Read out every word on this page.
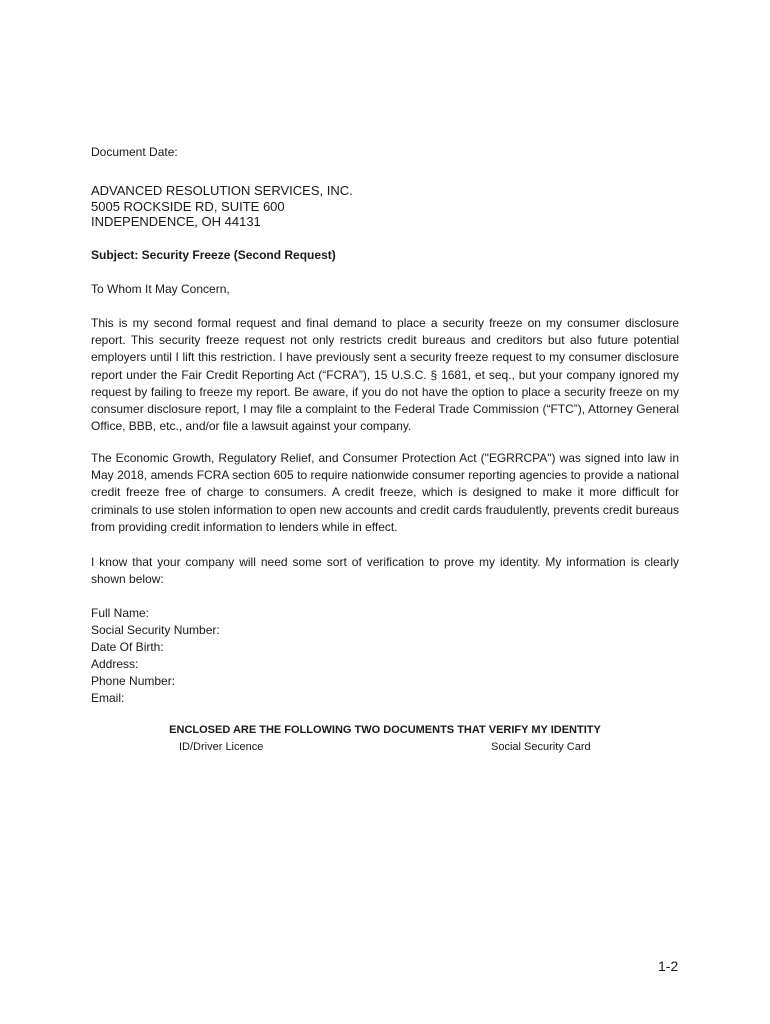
Document Date:
ADVANCED RESOLUTION SERVICES, INC.
5005 ROCKSIDE RD, SUITE 600
INDEPENDENCE, OH 44131
Subject: Security Freeze (Second Request)
To Whom It May Concern,
This is my second formal request and final demand to place a security freeze on my consumer disclosure report. This security freeze request not only restricts credit bureaus and creditors but also future potential employers until I lift this restriction. I have previously sent a security freeze request to my consumer disclosure report under the Fair Credit Reporting Act (“FCRA”), 15 U.S.C. § 1681, et seq., but your company ignored my request by failing to freeze my report. Be aware, if you do not have the option to place a security freeze on my consumer disclosure report, I may file a complaint to the Federal Trade Commission (“FTC”), Attorney General Office, BBB, etc., and/or file a lawsuit against your company.
The Economic Growth, Regulatory Relief, and Consumer Protection Act ("EGRRCPA") was signed into law in May 2018, amends FCRA section 605 to require nationwide consumer reporting agencies to provide a national credit freeze free of charge to consumers. A credit freeze, which is designed to make it more difficult for criminals to use stolen information to open new accounts and credit cards fraudulently, prevents credit bureaus from providing credit information to lenders while in effect.
I know that your company will need some sort of verification to prove my identity. My information is clearly shown below:
Full Name:
Social Security Number:
Date Of Birth:
Address:
Phone Number:
Email:
ENCLOSED ARE THE FOLLOWING TWO DOCUMENTS THAT VERIFY MY IDENTITY
ID/Driver Licence	Social Security Card
1-2
